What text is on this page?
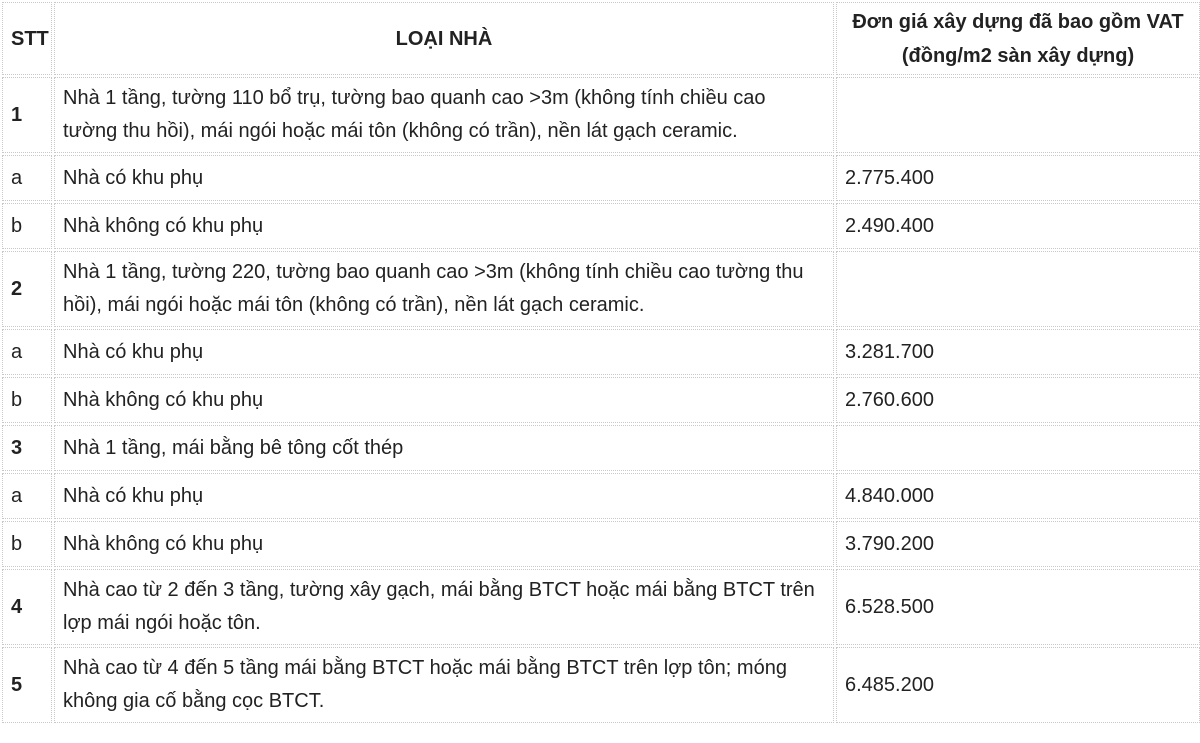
STT	LOẠI NHÀ	Đơn giá xây dựng đã bao gồm VAT (đồng/m2 sàn xây dựng)
1	Nhà 1 tầng, tường 110 bổ trụ, tường bao quanh cao >3m (không tính chiều cao tường thu hồi), mái ngói hoặc mái tôn (không có trần), nền lát gạch ceramic.	
a	Nhà có khu phụ	2.775.400
b	Nhà không có khu phụ	2.490.400
2	Nhà 1 tầng, tường 220, tường bao quanh cao >3m (không tính chiều cao tường thu hồi), mái ngói hoặc mái tôn (không có trần), nền lát gạch ceramic.	
a	Nhà có khu phụ	3.281.700
b	Nhà không có khu phụ	2.760.600
3	Nhà 1 tầng, mái bằng bê tông cốt thép	
a	Nhà có khu phụ	4.840.000
b	Nhà không có khu phụ	3.790.200
4	Nhà cao từ 2 đến 3 tầng, tường xây gạch, mái bằng BTCT hoặc mái bằng BTCT trên lợp mái ngói hoặc tôn.	6.528.500
5	Nhà cao từ 4 đến 5 tầng mái bằng BTCT hoặc mái bằng BTCT trên lợp tôn; móng không gia cố bằng cọc BTCT.	6.485.200
